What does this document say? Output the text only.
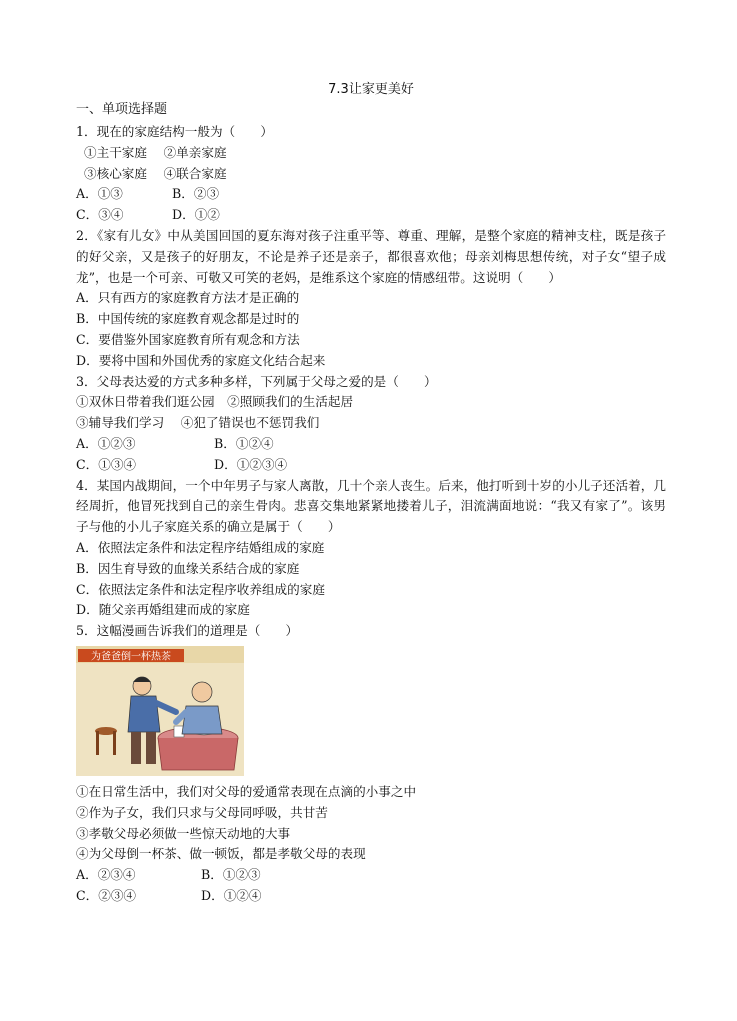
7.3让家更美好
一、单项选择题
1．现在的家庭结构一般为（　　）
①主干家庭　 ②单亲家庭
③核心家庭　 ④联合家庭
A．①③	B．②③
C．③④	D．①②
2．《家有儿女》中从美国回国的夏东海对孩子注重平等、尊重、理解，是整个家庭的精神支柱，既是孩子的好父亲，又是孩子的好朋友，不论是养子还是亲子，都很喜欢他；母亲刘梅思想传统，对子女“望子成龙”，也是一个可亲、可敬又可笑的老妈，是维系这个家庭的情感纽带。这说明（　　）
A．只有西方的家庭教育方法才是正确的
B．中国传统的家庭教育观念都是过时的
C．要借鉴外国家庭教育所有观念和方法
D．要将中国和外国优秀的家庭文化结合起来
3．父母表达爱的方式多种多样，下列属于父母之爱的是（　　）
①双休日带着我们逛公园　②照顾我们的生活起居
③辅导我们学习　 ④犯了错误也不惩罚我们
A．①②③	B．①②④
C．①③④	D．①②③④
4．某国内战期间，一个中年男子与家人离散，几十个亲人丧生。后来，他打听到十岁的小儿子还活着，几经周折，他冒死找到自己的亲生骨肉。悲喜交集地紧紧地搂着儿子，泪流满面地说：“我又有家了”。该男子与他的小儿子家庭关系的确立是属于（　　）
A．依照法定条件和法定程序结婚组成的家庭
B．因生育导致的血缘关系结合成的家庭
C．依照法定条件和法定程序收养组成的家庭
D．随父亲再婚组建而成的家庭
5．这幅漫画告诉我们的道理是（　　）
为爸爸倒一杯热茶
①在日常生活中，我们对父母的爱通常表现在点滴的小事之中
②作为子女，我们只求与父母同呼吸，共甘苦
③孝敬父母必须做一些惊天动地的大事
④为父母倒一杯茶、做一顿饭，都是孝敬父母的表现
A．②③④	B．①②③
C．②③④	D．①②④
